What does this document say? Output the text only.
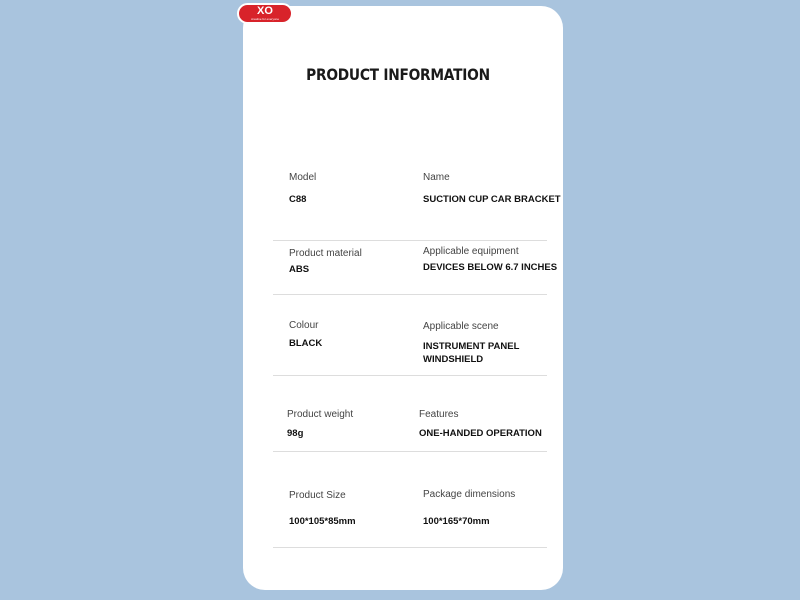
XO
creative for everyone
PRODUCT INFORMATION
Model
C88
Name
SUCTION CUP CAR BRACKET
Product material
ABS
Applicable equipment
DEVICES BELOW 6.7 INCHES
Colour
BLACK
Applicable scene
INSTRUMENT PANEL
WINDSHIELD
Product weight
98g
Features
ONE-HANDED OPERATION
Product Size
100*105*85mm
Package dimensions
100*165*70mm
